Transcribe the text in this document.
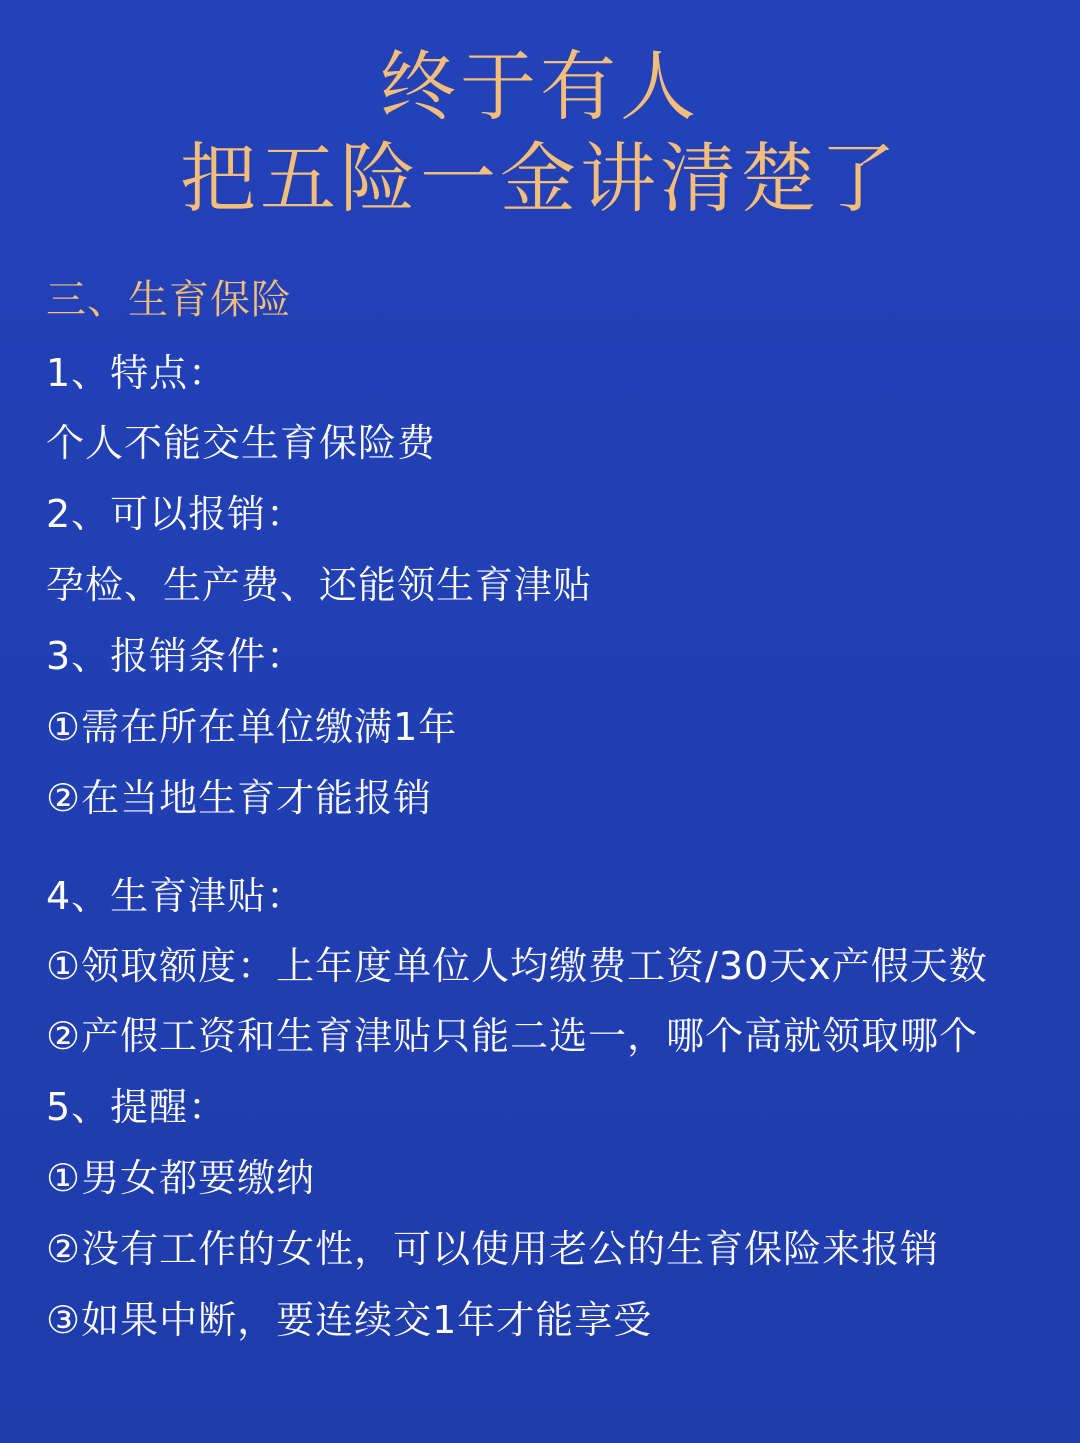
终于有人
把五险一金讲清楚了
三、生育保险
1、特点：
个人不能交生育保险费
2、可以报销：
孕检、生产费、还能领生育津贴
3、报销条件：
①需在所在单位缴满1年
②在当地生育才能报销
4、生育津贴：
①领取额度：上年度单位人均缴费工资/30天x产假天数
②产假工资和生育津贴只能二选一，哪个高就领取哪个
5、提醒：
①男女都要缴纳
②没有工作的女性，可以使用老公的生育保险来报销
③如果中断，要连续交1年才能享受
